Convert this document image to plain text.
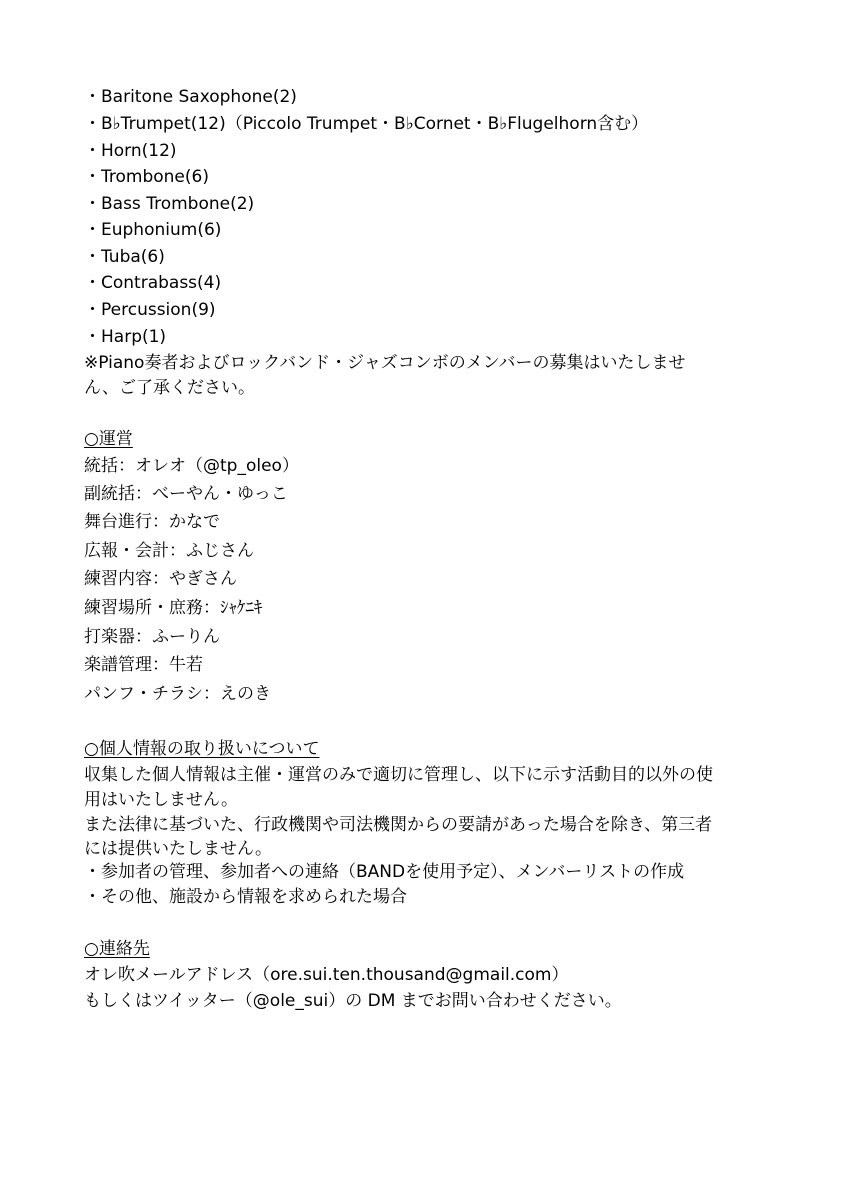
・Baritone Saxophone(2)
・B♭Trumpet(12)（Piccolo Trumpet・B♭Cornet・B♭Flugelhorn含む）
・Horn(12)
・Trombone(6)
・Bass Trombone(2)
・Euphonium(6)
・Tuba(6)
・Contrabass(4)
・Percussion(9)
・Harp(1)
※Piano奏者およびロックバンド・ジャズコンボのメンバーの募集はいたしませ
ん、ご了承ください。
○運営
統括：オレオ（@tp_oleo）
副統括：べーやん・ゆっこ
舞台進行：かなで
広報・会計：ふじさん
練習内容：やぎさん
練習場所・庶務：ｼｬｹﾆｷ
打楽器：ふーりん
楽譜管理：牛若
パンフ・チラシ：えのき
○個人情報の取り扱いについて
収集した個人情報は主催・運営のみで適切に管理し、以下に示す活動目的以外の使
用はいたしません。
また法律に基づいた、行政機関や司法機関からの要請があった場合を除き、第三者
には提供いたしません。
・参加者の管理、参加者への連絡（BANDを使用予定）、メンバーリストの作成
・その他、施設から情報を求められた場合
○連絡先
オレ吹メールアドレス（ore.sui.ten.thousand@gmail.com）
もしくはツイッター（@ole_sui）の DM までお問い合わせください。
